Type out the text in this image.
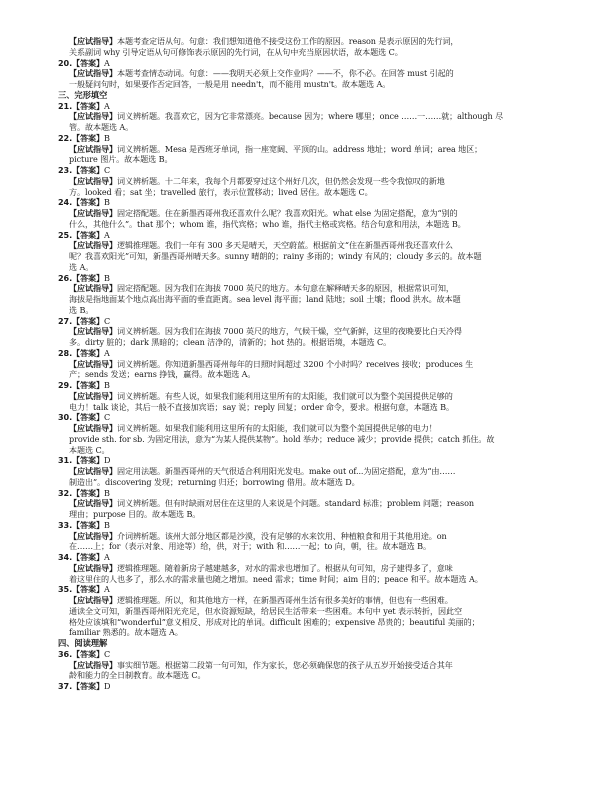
【应试指导】本题考查定语从句。句意：我们想知道他不接受这份工作的原因。reason 是表示原因的先行词，
关系副词 why 引导定语从句可修饰表示原因的先行词，在从句中充当原因状语，故本题选 C。
20.【答案】A
【应试指导】本题考查情态动词。句意：——我明天必须上交作业吗？——不，你不必。在回答 must 引起的
一般疑问句时，如果要作否定回答，一般是用 needn't，而不能用 mustn't。故本题选 A。
三、完形填空
21.【答案】A
【应试指导】词义辨析题。我喜欢它，因为它非常漂亮。because 因为；where 哪里；once ……一……就；although 尽
管。故本题选 A。
22.【答案】B
【应试指导】词义辨析题。Mesa 是西班牙单词，指一座宽阔、平顶的山。address 地址；word 单词；area 地区；
picture 图片。故本题选 B。
23.【答案】C
【应试指导】词义辨析题。十二年来，我每个月都要穿过这个州好几次，但仍然会发现一些令我惊叹的新地
方。looked 看；sat 坐；travelled 旅行，表示位置移动；lived 居住。故本题选 C。
24.【答案】B
【应试指导】固定搭配题。住在新墨西哥州我还喜欢什么呢？我喜欢阳光。what else 为固定搭配，意为“别的
什么，其他什么”。that 那个；whom 谁，指代宾格；who 谁，指代主格或宾格。结合句意和用法，本题选 B。
25.【答案】A
【应试指导】逻辑推理题。我们一年有 300 多天是晴天，天空蔚蓝。根据前文“住在新墨西哥州我还喜欢什么
呢？我喜欢阳光”可知，新墨西哥州晴天多。sunny 晴朗的；rainy 多雨的；windy 有风的；cloudy 多云的。故本题
选 A。
26.【答案】B
【应试指导】固定搭配题。因为我们在海拔 7000 英尺的地方。本句意在解释晴天多的原因，根据常识可知，
海拔是指地面某个地点高出海平面的垂直距离。sea level 海平面；land 陆地；soil 土壤；flood 洪水。故本题
选 B。
27.【答案】C
【应试指导】词义辨析题。因为我们在海拔 7000 英尺的地方，气候干燥，空气新鲜，这里的夜晚要比白天冷得
多。dirty 脏的；dark 黑暗的；clean 洁净的，清新的；hot 热的。根据语境，本题选 C。
28.【答案】A
【应试指导】词义辨析题。你知道新墨西哥州每年的日照时间超过 3200 个小时吗？receives 接收；produces 生
产；sends 发送；earns 挣钱，赢得。故本题选 A。
29.【答案】B
【应试指导】词义辨析题。有些人说，如果我们能利用这里所有的太阳能，我们就可以为整个美国提供足够的
电力！talk 谈论，其后一般不直接加宾语；say 说；reply 回复；order 命令，要求。根据句意，本题选 B。
30.【答案】C
【应试指导】词义辨析题。如果我们能利用这里所有的太阳能，我们就可以为整个美国提供足够的电力！
provide sth. for sb. 为固定用法，意为“为某人提供某物”。hold 举办；reduce 减少；provide 提供；catch 抓住。故
本题选 C。
31.【答案】D
【应试指导】固定用法题。新墨西哥州的天气很适合利用阳光发电。make out of...为固定搭配，意为“由……
制造出”。discovering 发现；returning 归还；borrowing 借用。故本题选 D。
32.【答案】B
【应试指导】词义辨析题。但有时缺雨对居住在这里的人来说是个问题。standard 标准；problem 问题；reason
理由；purpose 目的。故本题选 B。
33.【答案】B
【应试指导】介词辨析题。该州大部分地区都是沙漠，没有足够的水来饮用、种植粮食和用于其他用途。on
在……上；for（表示对象、用途等）给，供，对于；with 和……一起；to 向，朝，往。故本题选 B。
34.【答案】A
【应试指导】逻辑推理题。随着新房子越建越多，对水的需求也增加了。根据从句可知，房子建得多了，意味
着这里住的人也多了，那么水的需求量也随之增加。need 需求；time 时间；aim 目的；peace 和平。故本题选 A。
35.【答案】A
【应试指导】逻辑推理题。所以，和其他地方一样，在新墨西哥州生活有很多美好的事情，但也有一些困难。
通读全文可知，新墨西哥州阳光充足，但水资源短缺，给居民生活带来一些困难。本句中 yet 表示转折，因此空
格处应该填和“wonderful”意义相反、形成对比的单词。difficult 困难的；expensive 昂贵的；beautiful 美丽的；
familiar 熟悉的。故本题选 A。
四、阅读理解
36.【答案】C
【应试指导】事实细节题。根据第二段第一句可知，作为家长，您必须确保您的孩子从五岁开始接受适合其年
龄和能力的全日制教育。故本题选 C。
37.【答案】D
